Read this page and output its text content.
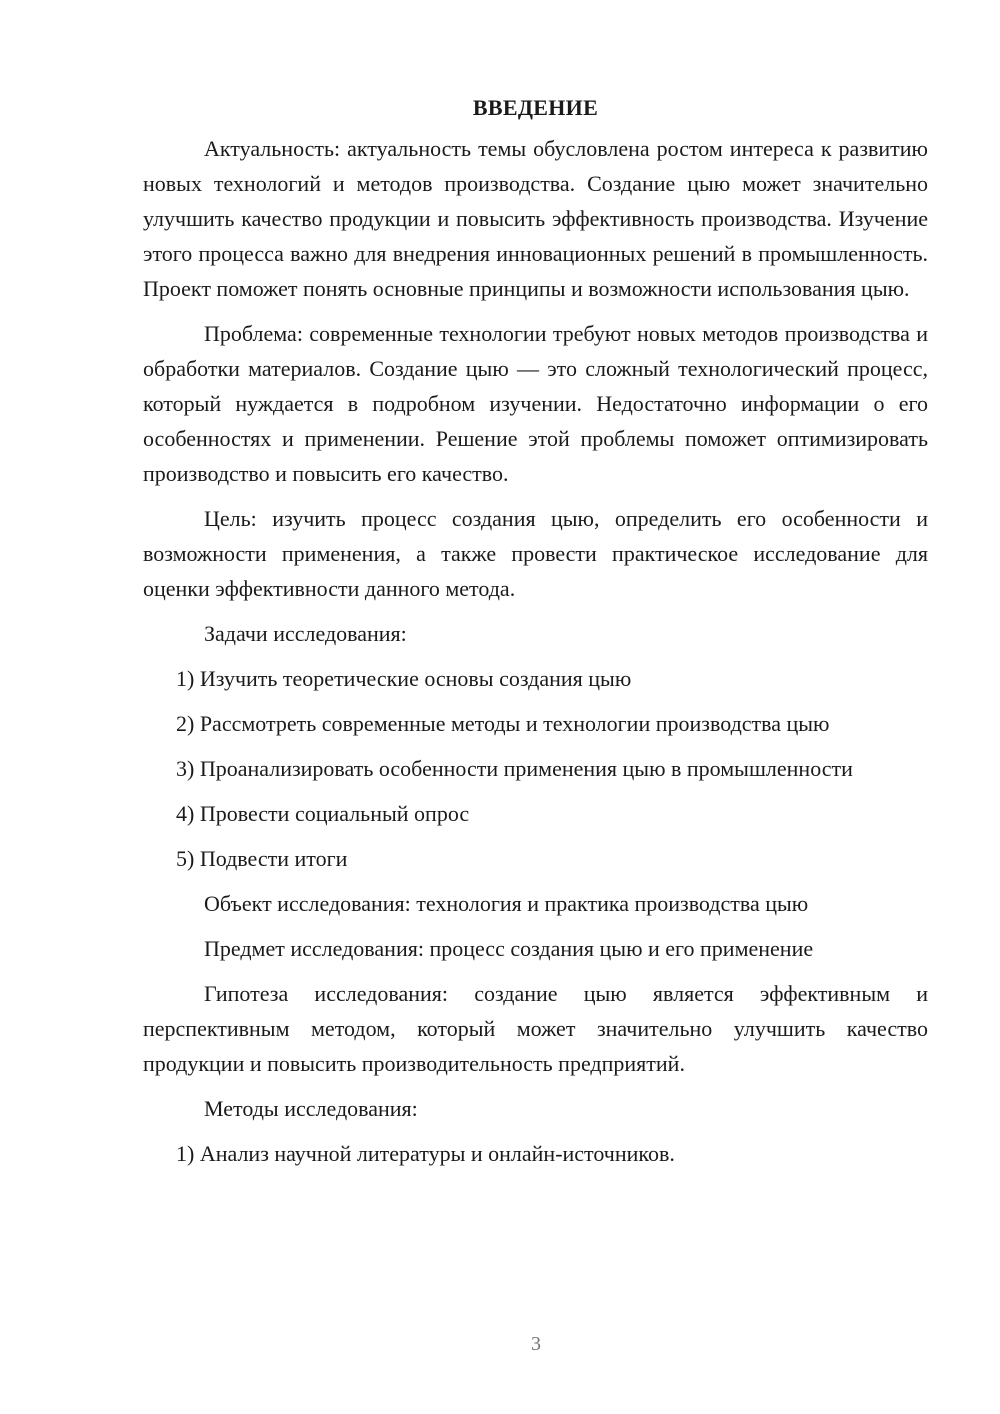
ВВЕДЕНИЕ

Актуальность: актуальность темы обусловлена ростом интереса к развитию новых технологий и методов производства. Создание цыю может значительно улучшить качество продукции и повысить эффективность производства. Изучение этого процесса важно для внедрения инновационных решений в промышленность. Проект поможет понять основные принципы и возможности использования цыю.

Проблема: современные технологии требуют новых методов производства и обработки материалов. Создание цыю — это сложный технологический процесс, который нуждается в подробном изучении. Недостаточно информации о его особенностях и применении. Решение этой проблемы поможет оптимизировать производство и повысить его качество.

Цель: изучить процесс создания цыю, определить его особенности и возможности применения, а также провести практическое исследование для оценки эффективности данного метода.

Задачи исследования:

1) Изучить теоретические основы создания цыю

2) Рассмотреть современные методы и технологии производства цыю

3) Проанализировать особенности применения цыю в промышленности

4) Провести социальный опрос

5) Подвести итоги

Объект исследования: технология и практика производства цыю

Предмет исследования: процесс создания цыю и его применение

Гипотеза исследования: создание цыю является эффективным и перспективным методом, который может значительно улучшить качество продукции и повысить производительность предприятий.

Методы исследования:

1) Анализ научной литературы и онлайн-источников.

3
